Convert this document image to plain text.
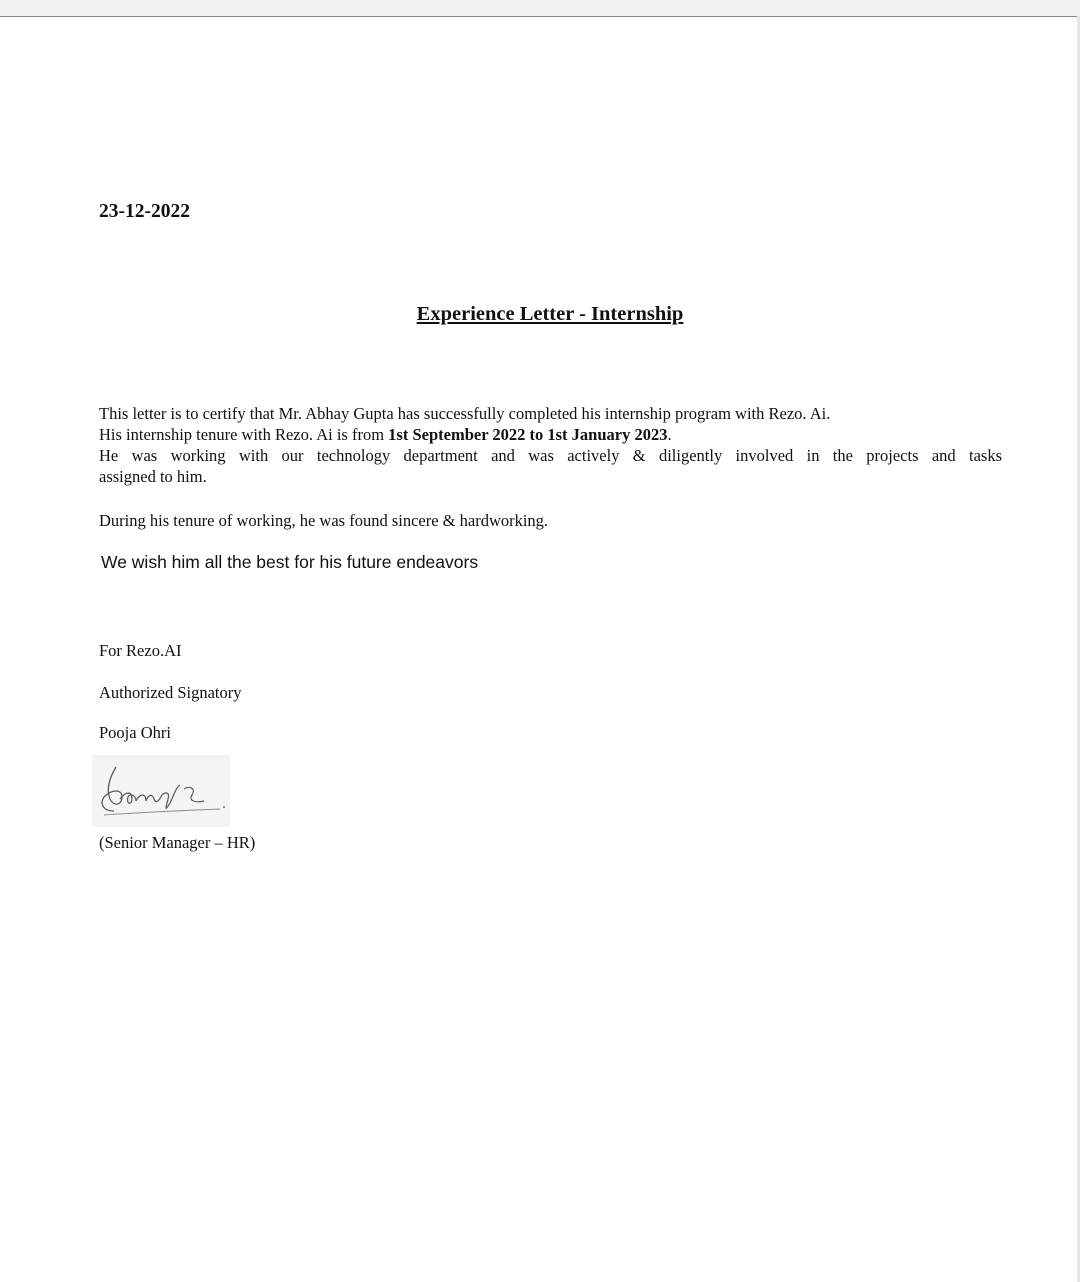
23-12-2022

Experience Letter - Internship

This letter is to certify that Mr. Abhay Gupta has successfully completed his internship program with Rezo. Ai.
His internship tenure with Rezo. Ai is from 1st September 2022 to 1st January 2023.
He was working with our technology department and was actively & diligently involved in the projects and tasks
assigned to him.

During his tenure of working, he was found sincere & hardworking.

We wish him all the best for his future endeavors

For Rezo.AI

Authorized Signatory

Pooja Ohri

(Senior Manager – HR)
